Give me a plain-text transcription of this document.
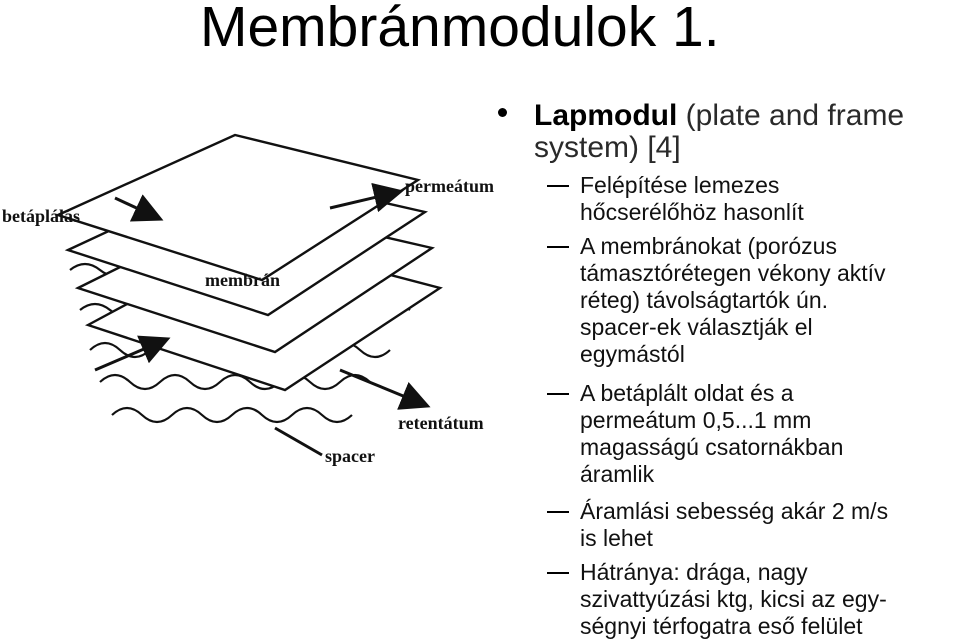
Membránmodulok 1.
Lapmodul (plate and frame
system) [4]
Felépítése lemezes
hőcserélőhöz hasonlít
A membránokat (porózus
támasztórétegen vékony aktív
réteg) távolságtartók ún.
spacer-ek választják el
egymástól
A betáplált oldat és a
permeátum 0,5...1 mm
magasságú csatornákban
áramlik
Áramlási sebesség akár 2 m/s
is lehet
Hátránya: drága, nagy
szivattyúzási ktg, kicsi az egy-
ségnyi térfogatra eső felület
betáplálás
permeátum
membrán
retentátum
spacer
